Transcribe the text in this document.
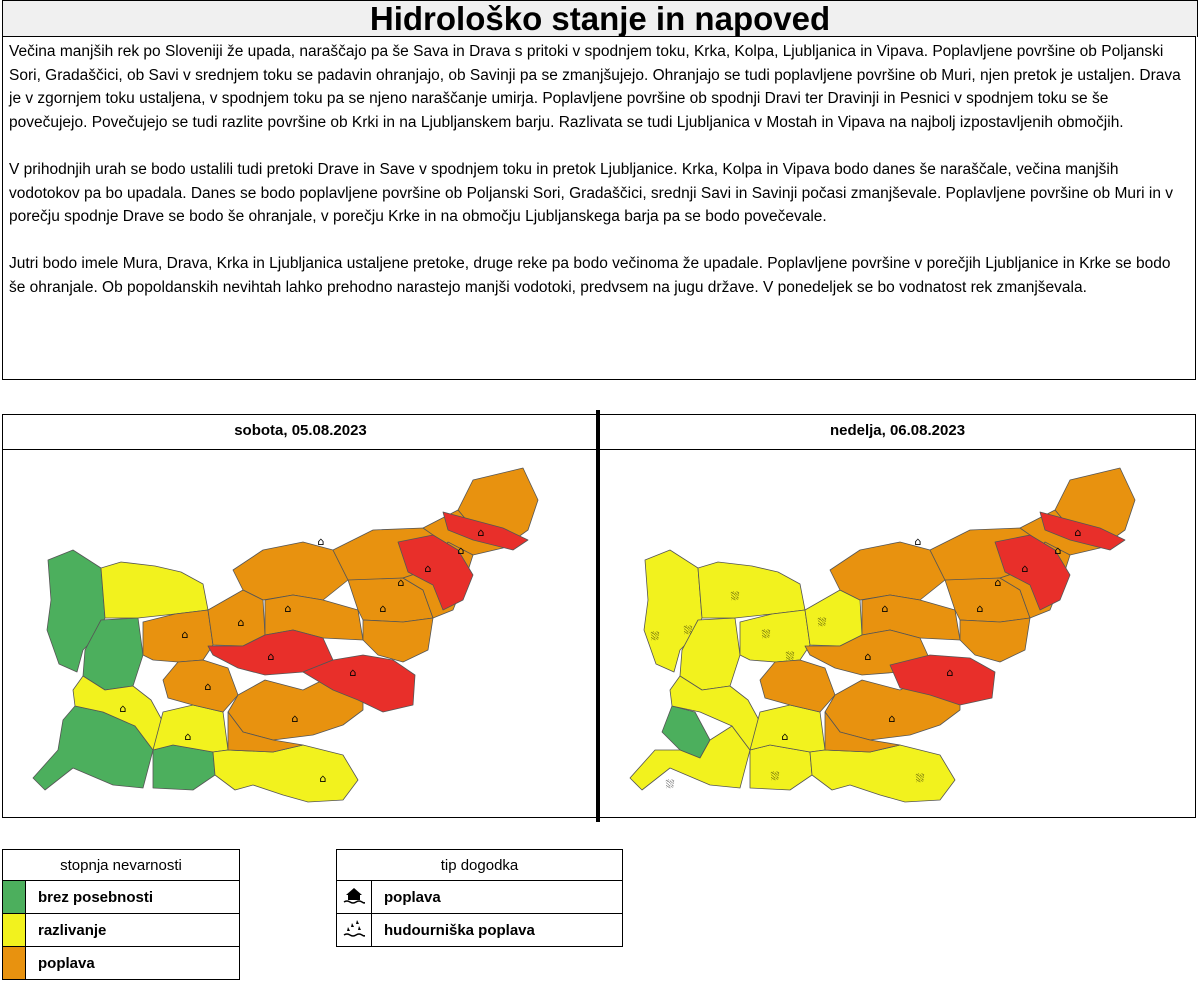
Hidrološko stanje in napoved

Večina manjših rek po Sloveniji že upada, naraščajo pa še Sava in Drava s pritoki v spodnjem toku, Krka, Kolpa, Ljubljanica in Vipava. Poplavljene površine ob Poljanski Sori, Gradaščici, ob Savi v srednjem toku se padavin ohranjajo, ob Savinji pa se zmanjšujejo. Ohranjajo se tudi poplavljene površine ob Muri, njen pretok je ustaljen. Drava je v zgornjem toku ustaljena, v spodnjem toku pa se njeno naraščanje umirja. Poplavljene površine ob spodnji Dravi ter Dravinji in Pesnici v spodnjem toku se še povečujejo. Povečujejo se tudi razlite površine ob Krki in na Ljubljanskem barju. Razlivata se tudi Ljubljanica v Mostah in Vipava na najbolj izpostavljenih območjih.

V prihodnjih urah se bodo ustalili tudi pretoki Drave in Save v spodnjem toku in pretok Ljubljanice. Krka, Kolpa in Vipava bodo danes še naraščale, večina manjših vodotokov pa bo upadala. Danes se bodo poplavljene površine ob Poljanski Sori, Gradaščici, srednji Savi in Savinji počasi zmanjševale. Poplavljene površine ob Muri in v porečju spodnje Drave se bodo še ohranjale, v porečju Krke in na območju Ljubljanskega barja pa se bodo povečevale.

Jutri bodo imele Mura, Drava, Krka in Ljubljanica ustaljene pretoke, druge reke pa bodo večinoma že upadale. Poplavljene površine v porečjih Ljubljanice in Krke se bodo še ohranjale. Ob popoldanskih nevihtah lahko prehodno narastejo manjši vodotoki, predvsem na jugu države. V ponedeljek se bo vodnatost rek zmanjševala.

sobota, 05.08.2023
⌂
⌂
⌂
⌂
⌂
⌂
⌂
⌂
⌂
⌂
⌂
⌂
⌂
⌂
⌂
⌂
nedelja, 06.08.2023
⌂
⌂
⌂
⌂
⌂
⌂
⌂
⌂
⌂
⌂
⌂
⛆
⛆
⛆
⛆
⛆
⛆
⛆
⛆
⛆
stopnja nevarnosti	
	brez posebnosti
	razlivanje
	poplava
tip dogodka	
	poplava
	hudourniška poplava
